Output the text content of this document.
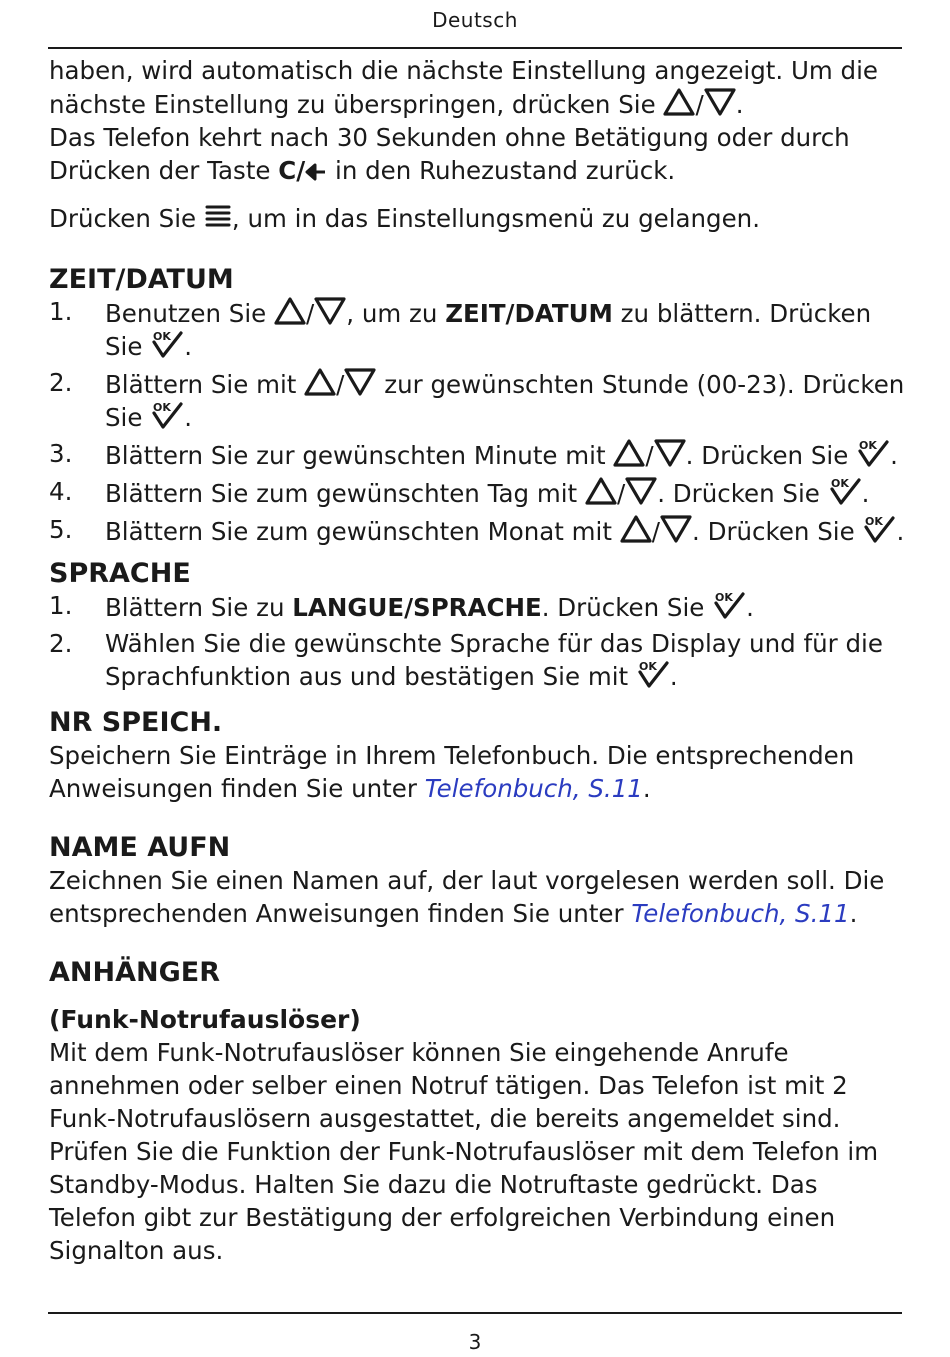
Deutsch

haben, wird automatisch die nächste Einstellung angezeigt. Um die nächste Einstellung zu überspringen, drücken Sie
/ .
Das Telefon kehrt nach 30 Sekunden ohne Betätigung oder durch Drücken der Taste C/
in den Ruhezustand zurück.

Drücken Sie
, um in das Einstellungsmenü zu gelangen.

ZEIT/DATUM
1. Benutzen Sie
/ , um zu ZEIT/DATUM zu blättern. Drücken Sie
.
2. Blättern Sie mit
/
zur gewünschten Stunde (00-23). Drücken Sie
.
3. Blättern Sie zur gewünschten Minute mit
/ . Drücken Sie
.
4. Blättern Sie zum gewünschten Tag mit
/ . Drücken Sie
.
5. Blättern Sie zum gewünschten Monat mit
/ . Drücken Sie
.
SPRACHE
1. Blättern Sie zu LANGUE/SPRACHE. Drücken Sie
.
2. Wählen Sie die gewünschte Sprache für das Display und für die Sprachfunktion aus und bestätigen Sie mit
.
NR SPEICH.

Speichern Sie Einträge in Ihrem Telefonbuch. Die entsprechenden Anweisungen finden Sie unter Telefonbuch, S.11.

NAME AUFN

Zeichnen Sie einen Namen auf, der laut vorgelesen werden soll. Die entsprechenden Anweisungen finden Sie unter Telefonbuch, S.11.

ANHÄNGER
(Funk-Notrufauslöser)

Mit dem Funk-Notrufauslöser können Sie eingehende Anrufe annehmen oder selber einen Notruf tätigen. Das Telefon ist mit 2 Funk-Notrufauslösern ausgestattet, die bereits angemeldet sind. Prüfen Sie die Funktion der Funk-Notrufauslöser mit dem Telefon im Standby-Modus. Halten Sie dazu die Notruftaste gedrückt. Das Telefon gibt zur Bestätigung der erfolgreichen Verbindung einen Signalton aus.

3
